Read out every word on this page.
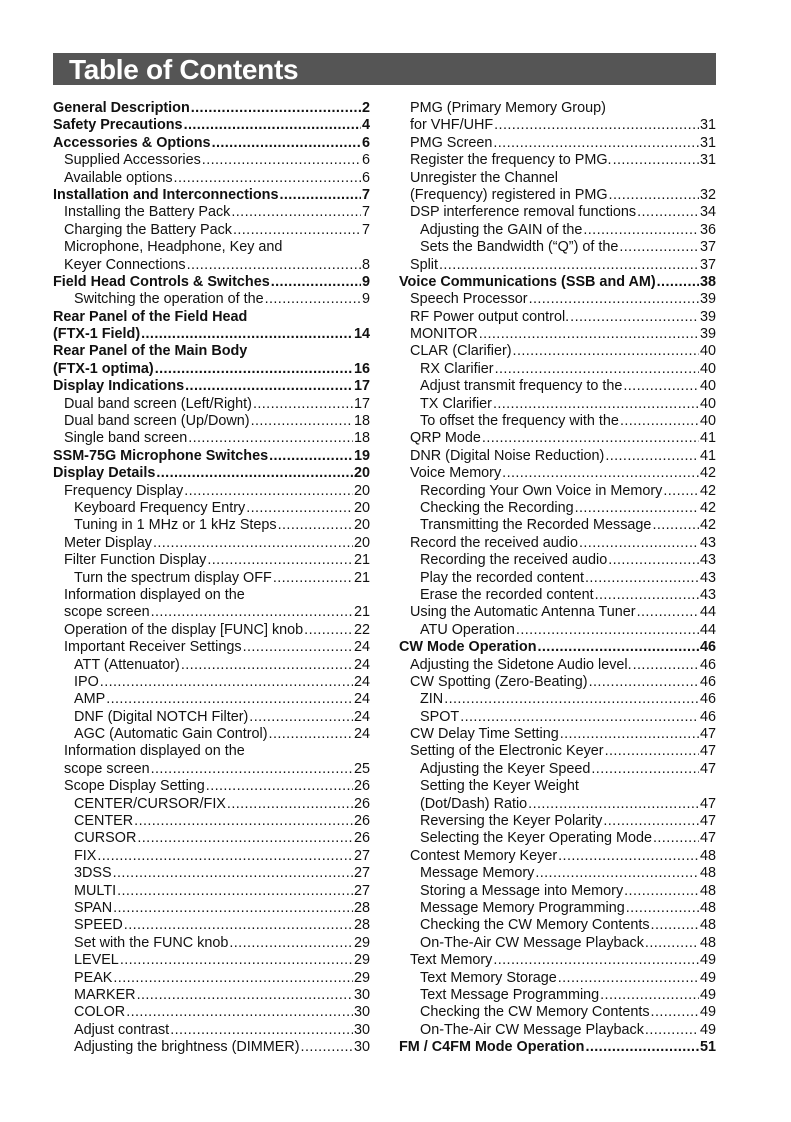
Table of Contents
General Description .....	2
Safety Precautions .....	4
Accessories & Options .....	6
Supplied Accessories .....	6
Available options .....	6
Installation and Interconnections .....	7
Installing the Battery Pack .....	7
Charging the Battery Pack .....	7
Microphone, Headphone, Key and
Keyer Connections .....	8
Field Head Controls & Switches .....	9
Switching the operation of the .....	9
Rear Panel of the Field Head
(FTX-1 Field) .....	14
Rear Panel of the Main Body
(FTX-1 optima) .....	16
Display Indications .....	17
Dual band screen (Left/Right) .....	17
Dual band screen (Up/Down) .....	18
Single band screen .....	18
SSM-75G Microphone Switches .....	19
Display Details .....	20
Frequency Display .....	20
Keyboard Frequency Entry .....	20
Tuning in 1 MHz or 1 kHz Steps .....	20
Meter Display .....	20
Filter Function Display .....	21
Turn the spectrum display OFF .....	21
Information displayed on the
scope screen .....	21
Operation of the display [FUNC] knob .....	22
Important Receiver Settings .....	24
ATT (Attenuator) .....	24
IPO .....	24
AMP .....	24
DNF (Digital NOTCH Filter) .....	24
AGC (Automatic Gain Control) .....	24
Information displayed on the
scope screen .....	25
Scope Display Setting .....	26
CENTER/CURSOR/FIX .....	26
CENTER .....	26
CURSOR .....	26
FIX .....	27
3DSS .....	27
MULTI .....	27
SPAN .....	28
SPEED .....	28
Set with the FUNC knob .....	29
LEVEL .....	29
PEAK .....	29
MARKER .....	30
COLOR .....	30
Adjust contrast .....	30
Adjusting the brightness (DIMMER) .....	30
PMG (Primary Memory Group)
for VHF/UHF .....	31
PMG Screen .....	31
Register the frequency to PMG. .....	31
Unregister the Channel
(Frequency) registered in PMG .....	32
DSP interference removal functions .....	34
Adjusting the GAIN of the .....	36
Sets the Bandwidth (“Q”) of the .....	37
Split .....	37
Voice Communications (SSB and AM) .....	38
Speech Processor .....	39
RF Power output control. .....	39
MONITOR .....	39
CLAR (Clarifier) .....	40
RX Clarifier .....	40
Adjust transmit frequency to the .....	40
TX Clarifier .....	40
To offset the frequency with the .....	40
QRP Mode .....	41
DNR (Digital Noise Reduction) .....	41
Voice Memory .....	42
Recording Your Own Voice in Memory .....	42
Checking the Recording .....	42
Transmitting the Recorded Message .....	42
Record the received audio .....	43
Recording the received audio .....	43
Play the recorded content .....	43
Erase the recorded content .....	43
Using the Automatic Antenna Tuner .....	44
ATU Operation .....	44
CW Mode Operation .....	46
Adjusting the Sidetone Audio level. .....	46
CW Spotting (Zero-Beating) .....	46
ZIN .....	46
SPOT .....	46
CW Delay Time Setting .....	47
Setting of the Electronic Keyer .....	47
Adjusting the Keyer Speed .....	47
Setting the Keyer Weight
(Dot/Dash) Ratio .....	47
Reversing the Keyer Polarity .....	47
Selecting the Keyer Operating Mode .....	47
Contest Memory Keyer .....	48
Message Memory .....	48
Storing a Message into Memory .....	48
Message Memory Programming .....	48
Checking the CW Memory Contents .....	48
On-The-Air CW Message Playback .....	48
Text Memory .....	49
Text Memory Storage .....	49
Text Message Programming .....	49
Checking the CW Memory Contents .....	49
On-The-Air CW Message Playback .....	49
FM / C4FM Mode Operation .....	51
